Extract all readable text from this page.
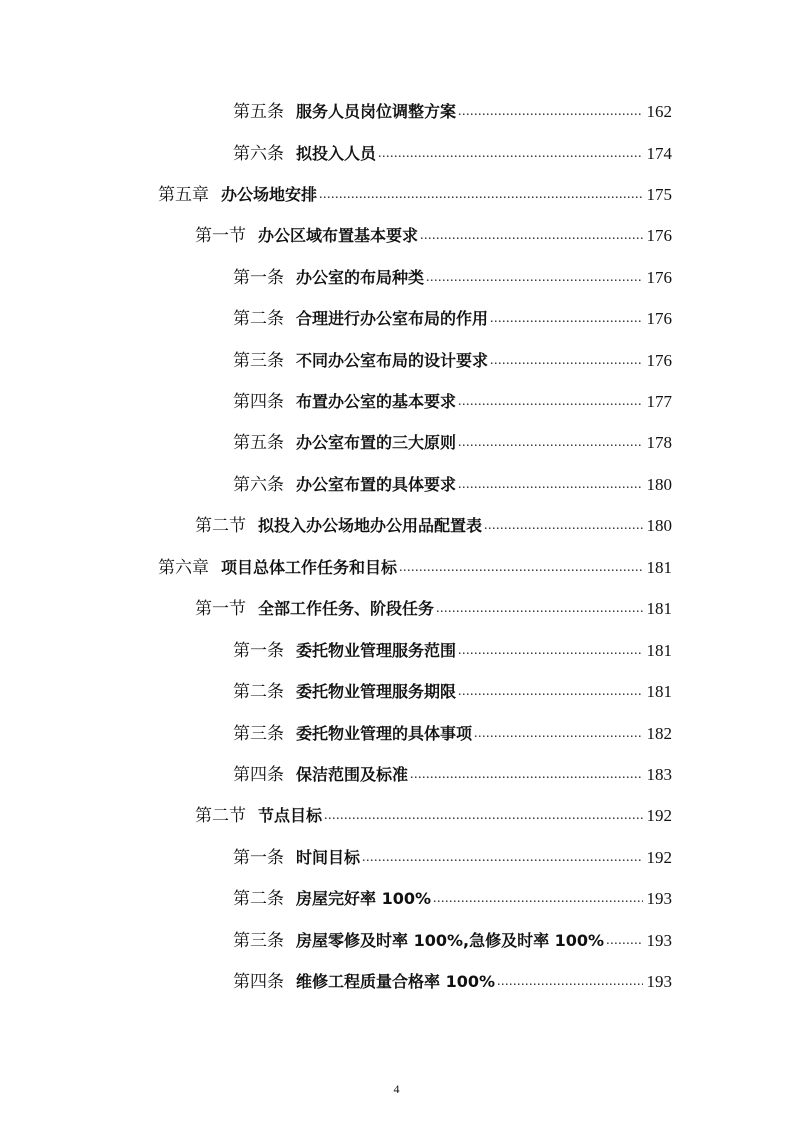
第五条 服务人员岗位调整方案 .....	162
第六条 拟投入人员 .....	174
第五章 办公场地安排 .....	175
第一节 办公区域布置基本要求 .....	176
第一条 办公室的布局种类 .....	176
第二条 合理进行办公室布局的作用 .....	176
第三条 不同办公室布局的设计要求 .....	176
第四条 布置办公室的基本要求 .....	177
第五条 办公室布置的三大原则 .....	178
第六条 办公室布置的具体要求 .....	180
第二节 拟投入办公场地办公用品配置表 .....	180
第六章 项目总体工作任务和目标 .....	181
第一节 全部工作任务、阶段任务 .....	181
第一条 委托物业管理服务范围 .....	181
第二条 委托物业管理服务期限 .....	181
第三条 委托物业管理的具体事项 .....	182
第四条 保洁范围及标准 .....	183
第二节 节点目标 .....	192
第一条 时间目标 .....	192
第二条 房屋完好率 100% .....	193
第三条 房屋零修及时率 100%,急修及时率 100% ..... 193
第四条 维修工程质量合格率 100% .....	193
4
